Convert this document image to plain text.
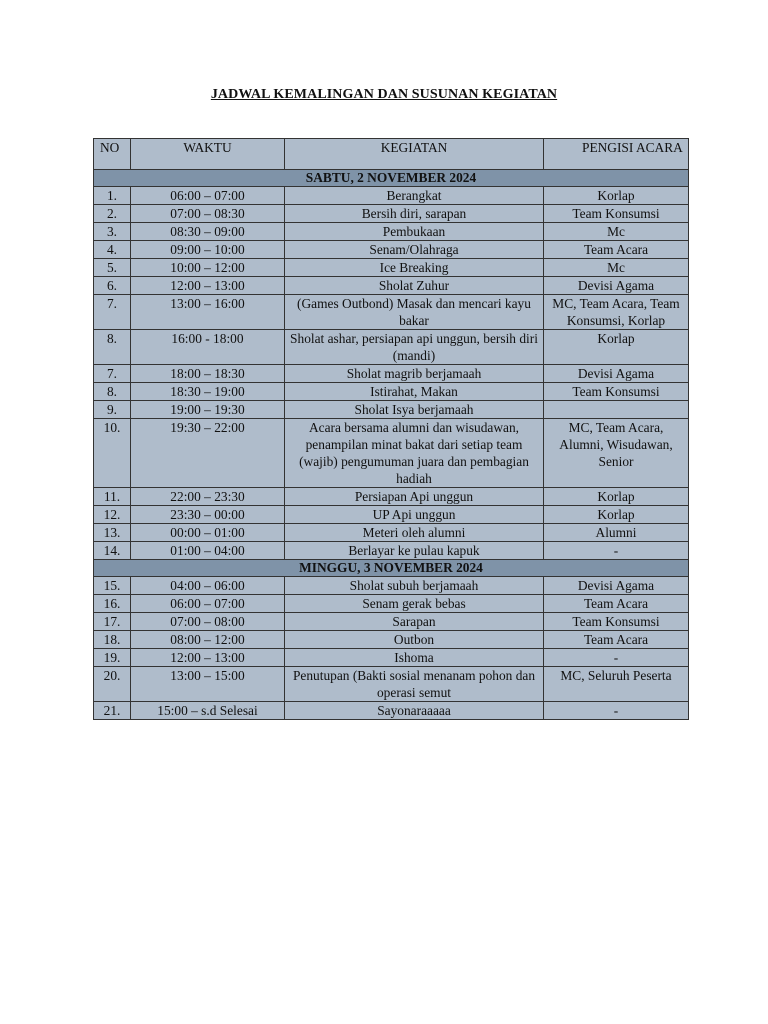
JADWAL KEMALINGAN DAN SUSUNAN KEGIATAN
NO	WAKTU	KEGIATAN	PENGISI ACARA
SABTU, 2 NOVEMBER 2024			
1.	06:00 – 07:00	Berangkat	Korlap
2.	07:00 – 08:30	Bersih diri, sarapan	Team Konsumsi
3.	08:30 – 09:00	Pembukaan	Mc
4.	09:00 – 10:00	Senam/Olahraga	Team Acara
5.	10:00 – 12:00	Ice Breaking	Mc
6.	12:00 – 13:00	Sholat Zuhur	Devisi Agama
7.	13:00 – 16:00	(Games Outbond) Masak dan mencari kayu bakar	MC, Team Acara, Team Konsumsi, Korlap
8.	16:00 - 18:00	Sholat ashar, persiapan api unggun, bersih diri (mandi)	Korlap
7.	18:00 – 18:30	Sholat magrib berjamaah	Devisi Agama
8.	18:30 – 19:00	Istirahat, Makan	Team Konsumsi
9.	19:00 – 19:30	Sholat Isya berjamaah	
10.	19:30 – 22:00	Acara bersama alumni dan wisudawan, penampilan minat bakat dari setiap team (wajib) pengumuman juara dan pembagian hadiah	MC, Team Acara, Alumni, Wisudawan, Senior
11.	22:00 – 23:30	Persiapan Api unggun	Korlap
12.	23:30 – 00:00	UP Api unggun	Korlap
13.	00:00 – 01:00	Meteri oleh alumni	Alumni
14.	01:00 – 04:00	Berlayar ke pulau kapuk	-
MINGGU, 3 NOVEMBER 2024			
15.	04:00 – 06:00	Sholat subuh berjamaah	Devisi Agama
16.	06:00 – 07:00	Senam gerak bebas	Team Acara
17.	07:00 – 08:00	Sarapan	Team Konsumsi
18.	08:00 – 12:00	Outbon	Team Acara
19.	12:00 – 13:00	Ishoma	-
20.	13:00 – 15:00	Penutupan (Bakti sosial menanam pohon dan operasi semut	MC, Seluruh Peserta
21.	15:00 – s.d Selesai	Sayonaraaaaa	-
